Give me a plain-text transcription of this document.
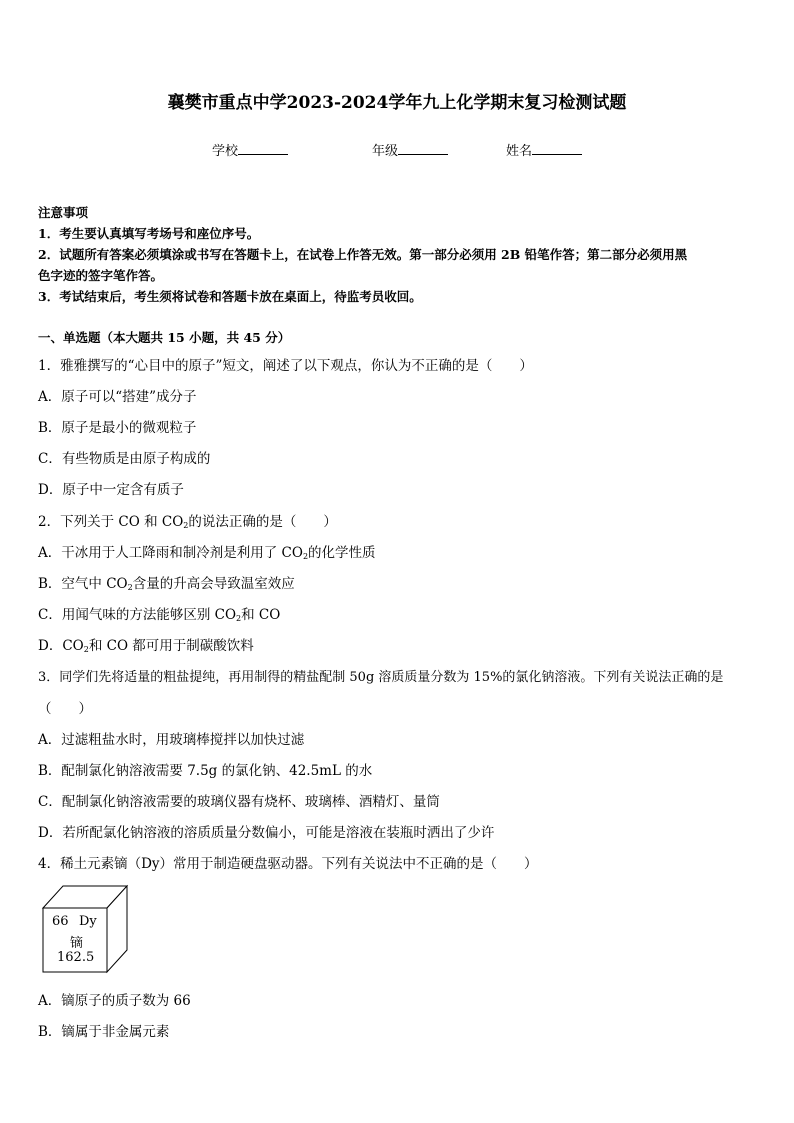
襄樊市重点中学2023-2024学年九上化学期末复习检测试题
学校	年级	姓名
注意事项
1．考生要认真填写考场号和座位序号。
2．试题所有答案必须填涂或书写在答题卡上，在试卷上作答无效。第一部分必须用 2B 铅笔作答；第二部分必须用黑
色字迹的签字笔作答。
3．考试结束后，考生须将试卷和答题卡放在桌面上，待监考员收回。
一、单选题（本大题共 15 小题，共 45 分）
1．雅雅撰写的“心目中的原子”短文，阐述了以下观点，你认为不正确的是（　　）
A．原子可以“搭建”成分子
B．原子是最小的微观粒子
C．有些物质是由原子构成的
D．原子中一定含有质子
2．下列关于 CO 和 $CO_2$的说法正确的是（　　）
A．干冰用于人工降雨和制冷剂是利用了 $CO_2$的化学性质
B．空气中 $CO_2$含量的升高会导致温室效应
C．用闻气味的方法能够区别 $CO_2$和 CO
D．$CO_2$和 CO 都可用于制碳酸饮料
3．同学们先将适量的粗盐提纯，再用制得的精盐配制 50g 溶质质量分数为 15%的氯化钠溶液。下列有关说法正确的是
（　　）
A．过滤粗盐水时，用玻璃棒搅拌以加快过滤
B．配制氯化钠溶液需要 7.5g 的氯化钠、42.5mL 的水
C．配制氯化钠溶液需要的玻璃仪器有烧杯、玻璃棒、酒精灯、量筒
D．若所配氯化钠溶液的溶质质量分数偏小，可能是溶液在装瓶时洒出了少许
4．稀土元素镝（Dy）常用于制造硬盘驱动器。下列有关说法中不正确的是（　　）
66 Dy
镝
162.5
A．镝原子的质子数为 66
B．镝属于非金属元素
